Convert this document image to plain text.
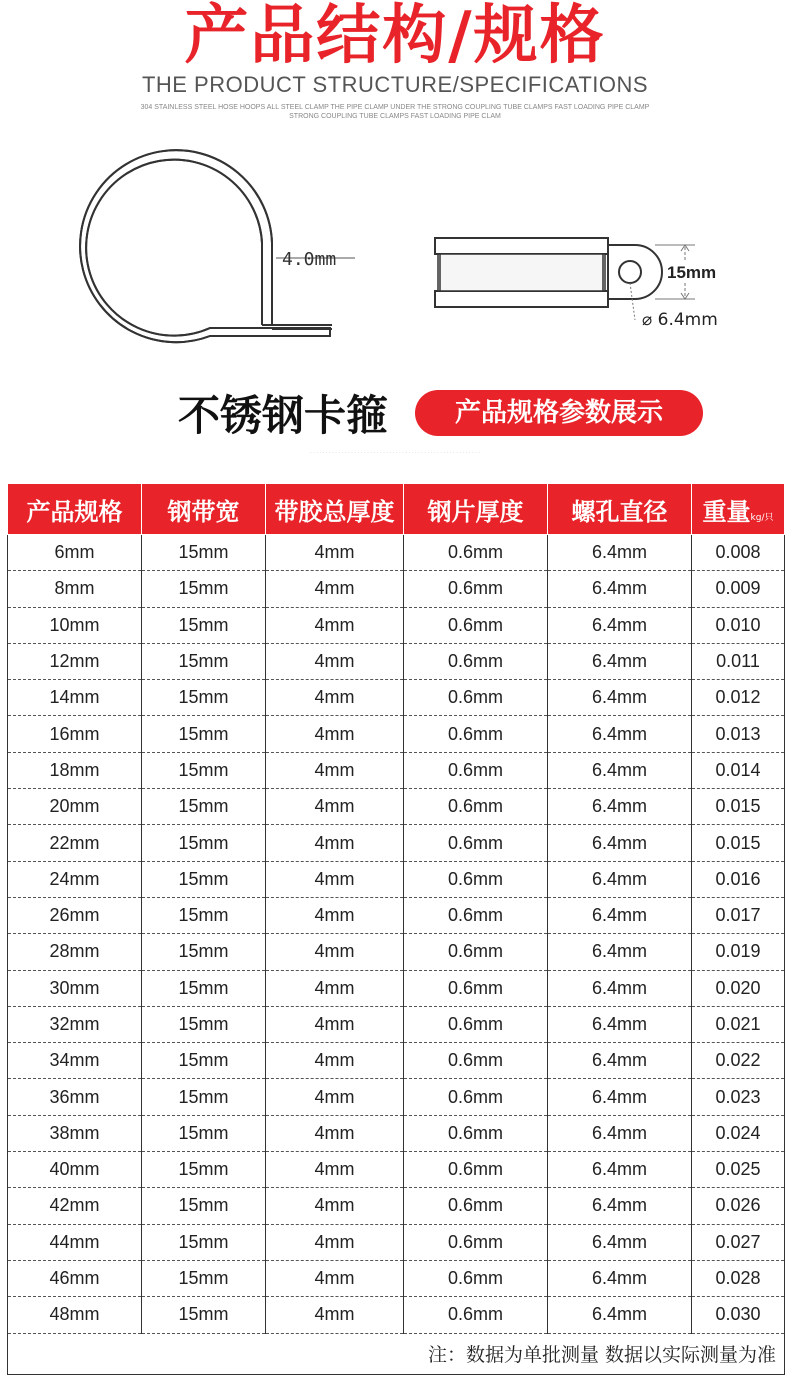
产品结构/规格
THE PRODUCT STRUCTURE/SPECIFICATIONS
304 STAINLESS STEEL HOSE HOOPS ALL STEEL CLAMP THE PIPE CLAMP UNDER THE STRONG COUPLING TUBE CLAMPS FAST LOADING PIPE CLAMP STRONG COUPLING TUBE CLAMPS FAST LOADING PIPE CLAM
4.0mm
15mm
⌀ 6.4mm
不锈钢卡箍	产品规格参数展示
· · · · · · · · · · · · · · · · · · · · · · · · · · · · · · · · · · · · · · · · · · · · · · · · · · · · · ·
产品规格	钢带宽	带胶总厚度	钢片厚度	螺孔直径	重量kg/只
6mm	15mm	4mm	0.6mm	6.4mm	0.008
8mm	15mm	4mm	0.6mm	6.4mm	0.009
10mm	15mm	4mm	0.6mm	6.4mm	0.010
12mm	15mm	4mm	0.6mm	6.4mm	0.011
14mm	15mm	4mm	0.6mm	6.4mm	0.012
16mm	15mm	4mm	0.6mm	6.4mm	0.013
18mm	15mm	4mm	0.6mm	6.4mm	0.014
20mm	15mm	4mm	0.6mm	6.4mm	0.015
22mm	15mm	4mm	0.6mm	6.4mm	0.015
24mm	15mm	4mm	0.6mm	6.4mm	0.016
26mm	15mm	4mm	0.6mm	6.4mm	0.017
28mm	15mm	4mm	0.6mm	6.4mm	0.019
30mm	15mm	4mm	0.6mm	6.4mm	0.020
32mm	15mm	4mm	0.6mm	6.4mm	0.021
34mm	15mm	4mm	0.6mm	6.4mm	0.022
36mm	15mm	4mm	0.6mm	6.4mm	0.023
38mm	15mm	4mm	0.6mm	6.4mm	0.024
40mm	15mm	4mm	0.6mm	6.4mm	0.025
42mm	15mm	4mm	0.6mm	6.4mm	0.026
44mm	15mm	4mm	0.6mm	6.4mm	0.027
46mm	15mm	4mm	0.6mm	6.4mm	0.028
48mm	15mm	4mm	0.6mm	6.4mm	0.030
注：数据为单批测量 数据以实际测量为准					
